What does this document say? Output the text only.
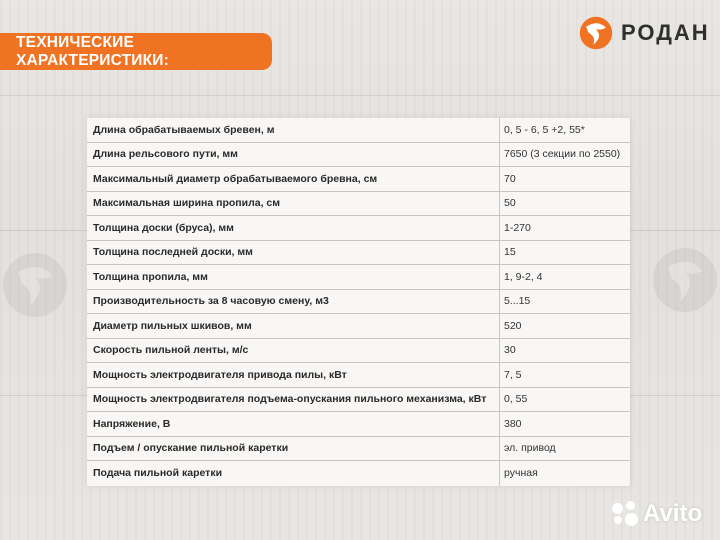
ТЕХНИЧЕСКИЕ ХАРАКТЕРИСТИКИ:
РОДАН
Длина обрабатываемых бревен, м	0, 5 - 6, 5 +2, 55*
Длина рельсового пути, мм	7650 (3 секции по 2550)
Максимальный диаметр обрабатываемого бревна, см	70
Максимальная ширина пропила, см	50
Толщина доски (бруса), мм	1-270
Толщина последней доски, мм	15
Толщина пропила, мм	1, 9-2, 4
Производительность за 8 часовую смену, м3	5...15
Диаметр пильных шкивов, мм	520
Скорость пильной ленты, м/с	30
Мощность электродвигателя привода пилы, кВт	7, 5
Мощность электродвигателя подъема-опускания пильного механизма, кВт	0, 55
Напряжение, В	380
Подъем / опускание пильной каретки	эл. привод
Подача пильной каретки	ручная
Avito
